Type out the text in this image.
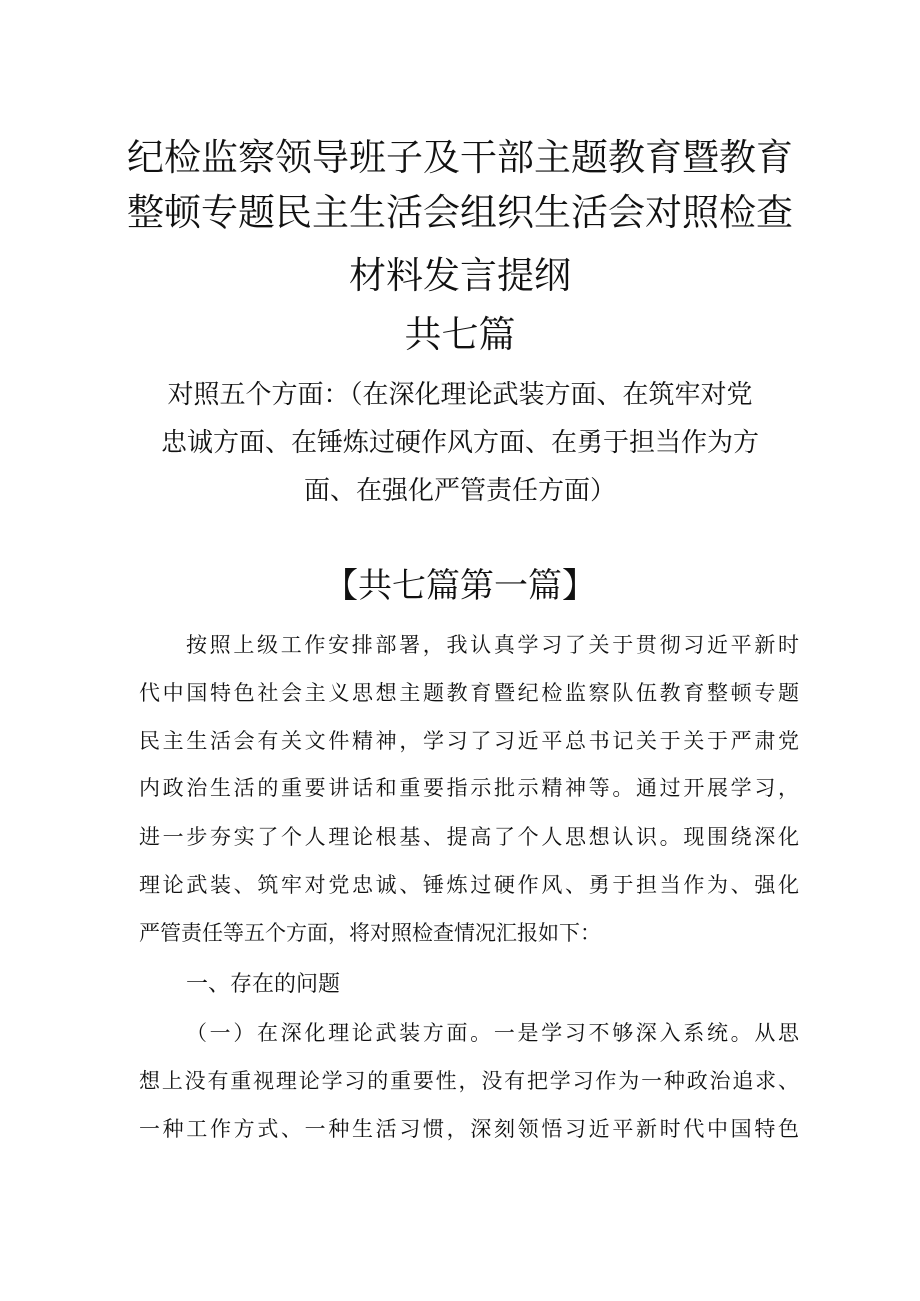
纪检监察领导班子及干部主题教育暨教育
整顿专题民主生活会组织生活会对照检查
材料发言提纲
共七篇
对照五个方面：（在深化理论武装方面、在筑牢对党
忠诚方面、在锤炼过硬作风方面、在勇于担当作为方
面、在强化严管责任方面）
【共七篇第一篇】
按照上级工作安排部署，我认真学习了关于贯彻习近平新时
代中国特色社会主义思想主题教育暨纪检监察队伍教育整顿专题
民主生活会有关文件精神，学习了习近平总书记关于关于严肃党
内政治生活的重要讲话和重要指示批示精神等。通过开展学习，
进一步夯实了个人理论根基、提高了个人思想认识。现围绕深化
理论武装、筑牢对党忠诚、锤炼过硬作风、勇于担当作为、强化
严管责任等五个方面，将对照检查情况汇报如下：
一、存在的问题
（一）在深化理论武装方面。一是学习不够深入系统。从思
想上没有重视理论学习的重要性，没有把学习作为一种政治追求、
一种工作方式、一种生活习惯，深刻领悟习近平新时代中国特色
